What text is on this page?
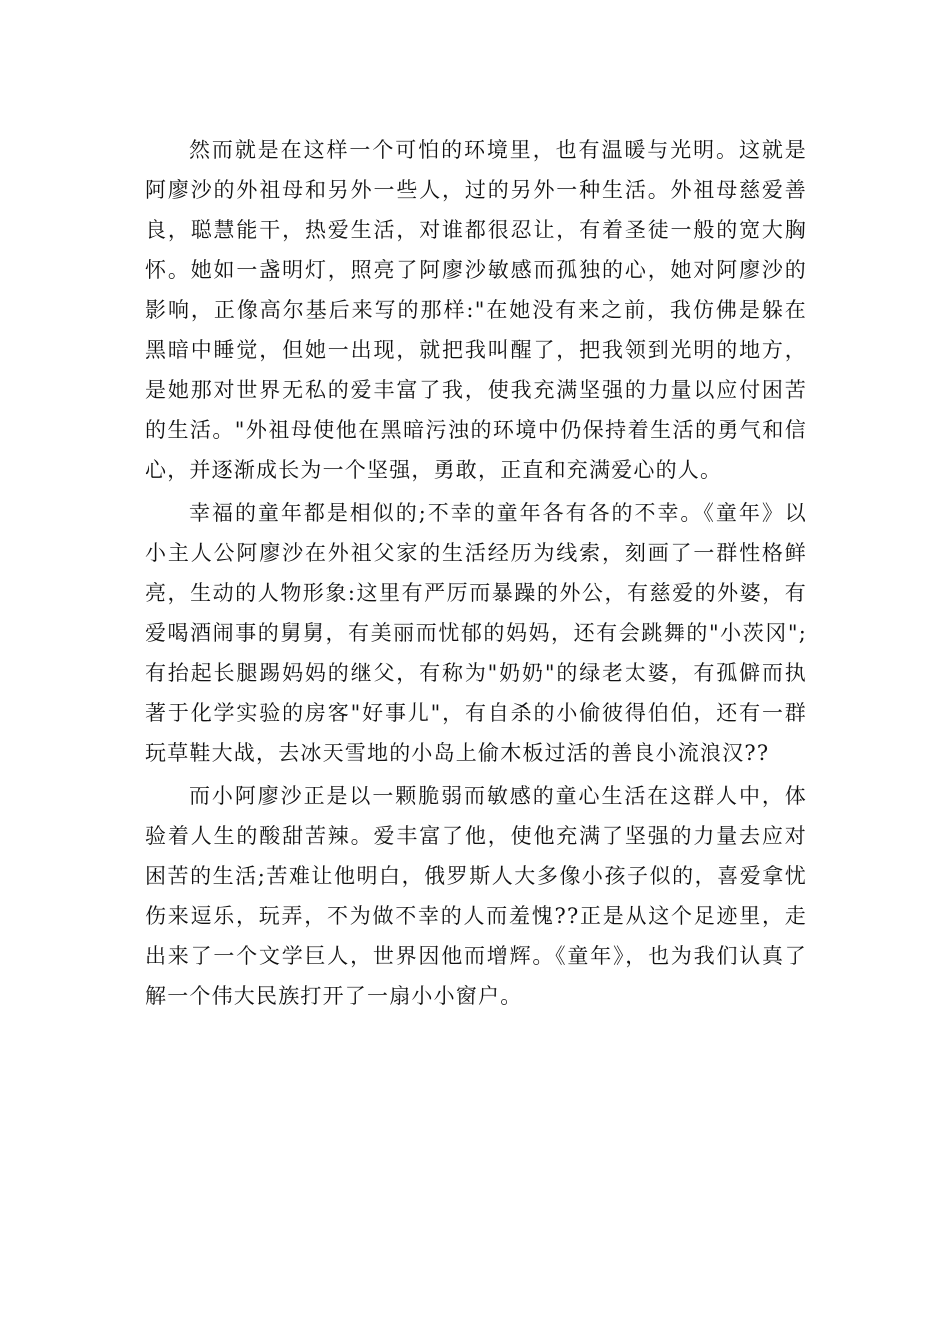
然而就是在这样一个可怕的环境里，也有温暖与光明。这就是阿廖沙的外祖母和另外一些人，过的另外一种生活。外祖母慈爱善良，聪慧能干，热爱生活，对谁都很忍让，有着圣徒一般的宽大胸怀。她如一盏明灯，照亮了阿廖沙敏感而孤独的心，她对阿廖沙的影响，正像高尔基后来写的那样:"在她没有来之前，我仿佛是躲在黑暗中睡觉，但她一出现，就把我叫醒了，把我领到光明的地方，是她那对世界无私的爱丰富了我，使我充满坚强的力量以应付困苦的生活。"外祖母使他在黑暗污浊的环境中仍保持着生活的勇气和信心，并逐渐成长为一个坚强，勇敢，正直和充满爱心的人。

幸福的童年都是相似的;不幸的童年各有各的不幸。《童年》以小主人公阿廖沙在外祖父家的生活经历为线索，刻画了一群性格鲜亮，生动的人物形象:这里有严厉而暴躁的外公，有慈爱的外婆，有爱喝酒闹事的舅舅，有美丽而忧郁的妈妈，还有会跳舞的"小茨冈";有抬起长腿踢妈妈的继父，有称为"奶奶"的绿老太婆，有孤僻而执著于化学实验的房客"好事儿"，有自杀的小偷彼得伯伯，还有一群玩草鞋大战，去冰天雪地的小岛上偷木板过活的善良小流浪汉??

而小阿廖沙正是以一颗脆弱而敏感的童心生活在这群人中，体验着人生的酸甜苦辣。爱丰富了他，使他充满了坚强的力量去应对困苦的生活;苦难让他明白，俄罗斯人大多像小孩子似的，喜爱拿忧伤来逗乐，玩弄，不为做不幸的人而羞愧??正是从这个足迹里，走出来了一个文学巨人，世界因他而增辉。《童年》，也为我们认真了解一个伟大民族打开了一扇小小窗户。
